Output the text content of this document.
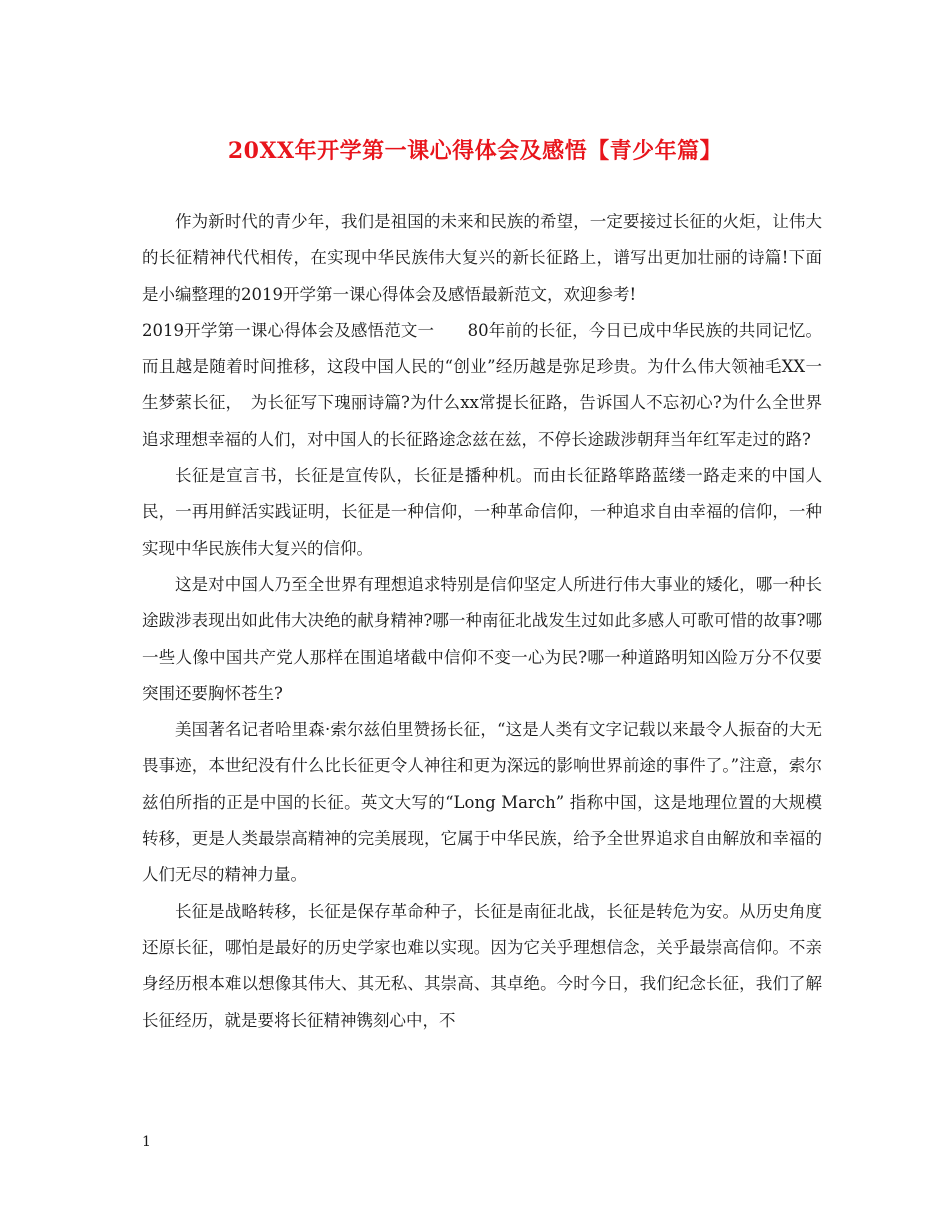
20XX年开学第一课心得体会及感悟【青少年篇】

作为新时代的青少年，我们是祖国的未来和民族的希望，一定要接过长征的火炬，让伟大的长征精神代代相传，在实现中华民族伟大复兴的新长征路上，谱写出更加壮丽的诗篇!下面是小编整理的2019开学第一课心得体会及感悟最新范文，欢迎参考!

2019开学第一课心得体会及感悟范文一　　80年前的长征，今日已成中华民族的共同记忆。而且越是随着时间推移，这段中国人民的“创业”经历越是弥足珍贵。为什么伟大领袖毛XX一生梦萦长征，　为长征写下瑰丽诗篇?为什么xx常提长征路，告诉国人不忘初心?为什么全世界追求理想幸福的人们，对中国人的长征路途念兹在兹，不停长途跋涉朝拜当年红军走过的路?

长征是宣言书，长征是宣传队，长征是播种机。而由长征路筚路蓝缕一路走来的中国人民，一再用鲜活实践证明，长征是一种信仰，一种革命信仰，一种追求自由幸福的信仰，一种实现中华民族伟大复兴的信仰。

这是对中国人乃至全世界有理想追求特别是信仰坚定人所进行伟大事业的矮化，哪一种长途跋涉表现出如此伟大决绝的献身精神?哪一种南征北战发生过如此多感人可歌可惜的故事?哪一些人像中国共产党人那样在围追堵截中信仰不变一心为民?哪一种道路明知凶险万分不仅要突围还要胸怀苍生?

美国著名记者哈里森·索尔兹伯里赞扬长征，“这是人类有文字记载以来最令人振奋的大无畏事迹，本世纪没有什么比长征更令人神往和更为深远的影响世界前途的事件了。”注意，索尔兹伯所指的正是中国的长征。英文大写的“Long March” 指称中国，这是地理位置的大规模转移，更是人类最崇高精神的完美展现，它属于中华民族，给予全世界追求自由解放和幸福的人们无尽的精神力量。

长征是战略转移，长征是保存革命种子，长征是南征北战，长征是转危为安。从历史角度还原长征，哪怕是最好的历史学家也难以实现。因为它关乎理想信念，关乎最崇高信仰。不亲身经历根本难以想像其伟大、其无私、其崇高、其卓绝。今时今日，我们纪念长征，我们了解长征经历，就是要将长征精神镌刻心中，不

1
